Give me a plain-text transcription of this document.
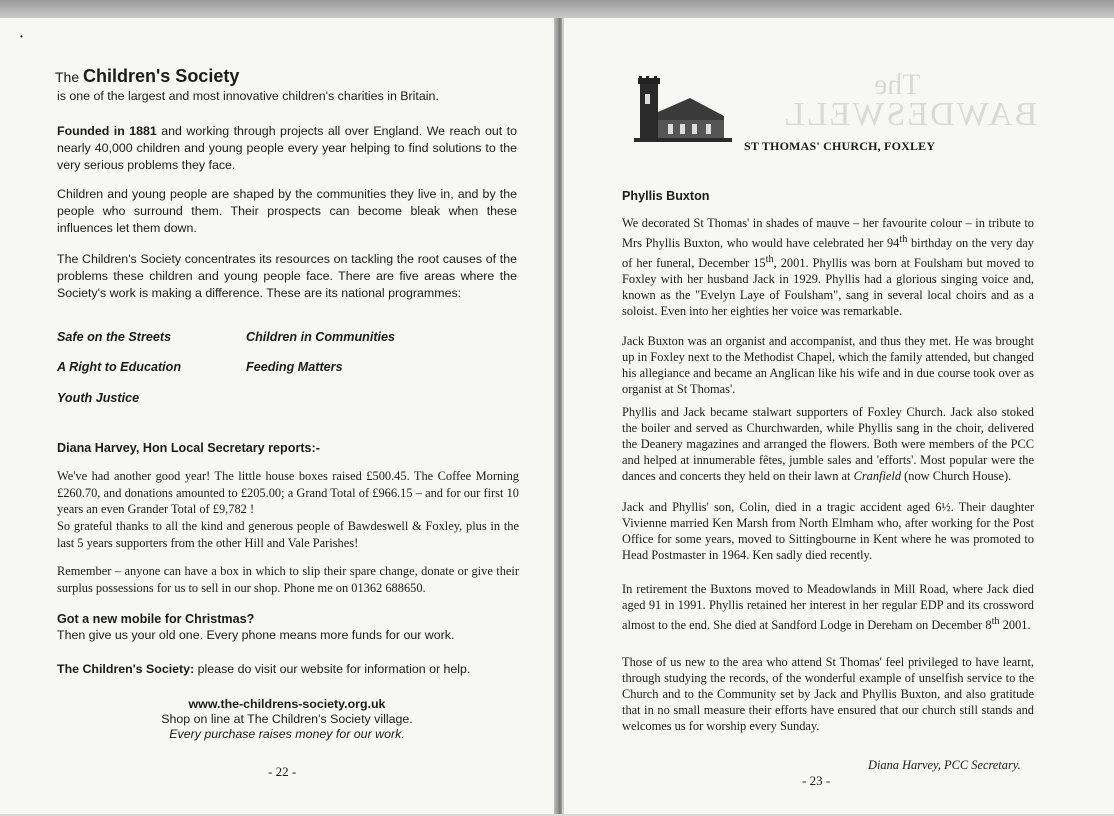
•
The Children's Society

is one of the largest and most innovative children's charities in Britain.

Founded in 1881 and working through projects all over England. We reach out to nearly 40,000 children and young people every year helping to find solutions to the very serious problems they face.

Children and young people are shaped by the communities they live in, and by the people who surround them. Their prospects can become bleak when these influences let them down.

The Children's Society concentrates its resources on tackling the root causes of the problems these children and young people face. There are five areas where the Society's work is making a difference. These are its national programmes:

Safe on the Streets	Children in Communities
A Right to Education	Feeding Matters
Youth Justice
Diana Harvey, Hon Local Secretary reports:-

We've had another good year! The little house boxes raised £500.45. The Coffee Morning £260.70, and donations amounted to £205.00; a Grand Total of £966.15 – and for our first 10 years an even Grander Total of £9,782 !

So grateful thanks to all the kind and generous people of Bawdeswell & Foxley, plus in the last 5 years supporters from the other Hill and Vale Parishes!

Remember – anyone can have a box in which to slip their spare change, donate or give their surplus possessions for us to sell in our shop. Phone me on 01362 688650.

Got a new mobile for Christmas?

Then give us your old one. Every phone means more funds for our work.

The Children's Society: please do visit our website for information or help.

www.the-childrens-society.org.uk
Shop on line at The Children's Society village.
Every purchase raises money for our work.
- 22 -
The
BAWDESWELL
ST THOMAS' CHURCH, FOXLEY
Phyllis Buxton

We decorated St Thomas' in shades of mauve – her favourite colour – in tribute to Mrs Phyllis Buxton, who would have celebrated her 94th birthday on the very day of her funeral, December 15th, 2001. Phyllis was born at Foulsham but moved to Foxley with her husband Jack in 1929. Phyllis had a glorious singing voice and, known as the "Evelyn Laye of Foulsham", sang in several local choirs and as a soloist. Even into her eighties her voice was remarkable.

Jack Buxton was an organist and accompanist, and thus they met. He was brought up in Foxley next to the Methodist Chapel, which the family attended, but changed his allegiance and became an Anglican like his wife and in due course took over as organist at St Thomas'.

Phyllis and Jack became stalwart supporters of Foxley Church. Jack also stoked the boiler and served as Churchwarden, while Phyllis sang in the choir, delivered the Deanery magazines and arranged the flowers. Both were members of the PCC and helped at innumerable fêtes, jumble sales and 'efforts'. Most popular were the dances and concerts they held on their lawn at Cranfield (now Church House).

Jack and Phyllis' son, Colin, died in a tragic accident aged 6½. Their daughter Vivienne married Ken Marsh from North Elmham who, after working for the Post Office for some years, moved to Sittingbourne in Kent where he was promoted to Head Postmaster in 1964. Ken sadly died recently.

In retirement the Buxtons moved to Meadowlands in Mill Road, where Jack died aged 91 in 1991. Phyllis retained her interest in her regular EDP and its crossword almost to the end. She died at Sandford Lodge in Dereham on December 8th 2001.

Those of us new to the area who attend St Thomas' feel privileged to have learnt, through studying the records, of the wonderful example of unselfish service to the Church and to the Community set by Jack and Phyllis Buxton, and also gratitude that in no small measure their efforts have ensured that our church still stands and welcomes us for worship every Sunday.

Diana Harvey, PCC Secretary.
- 23 -
